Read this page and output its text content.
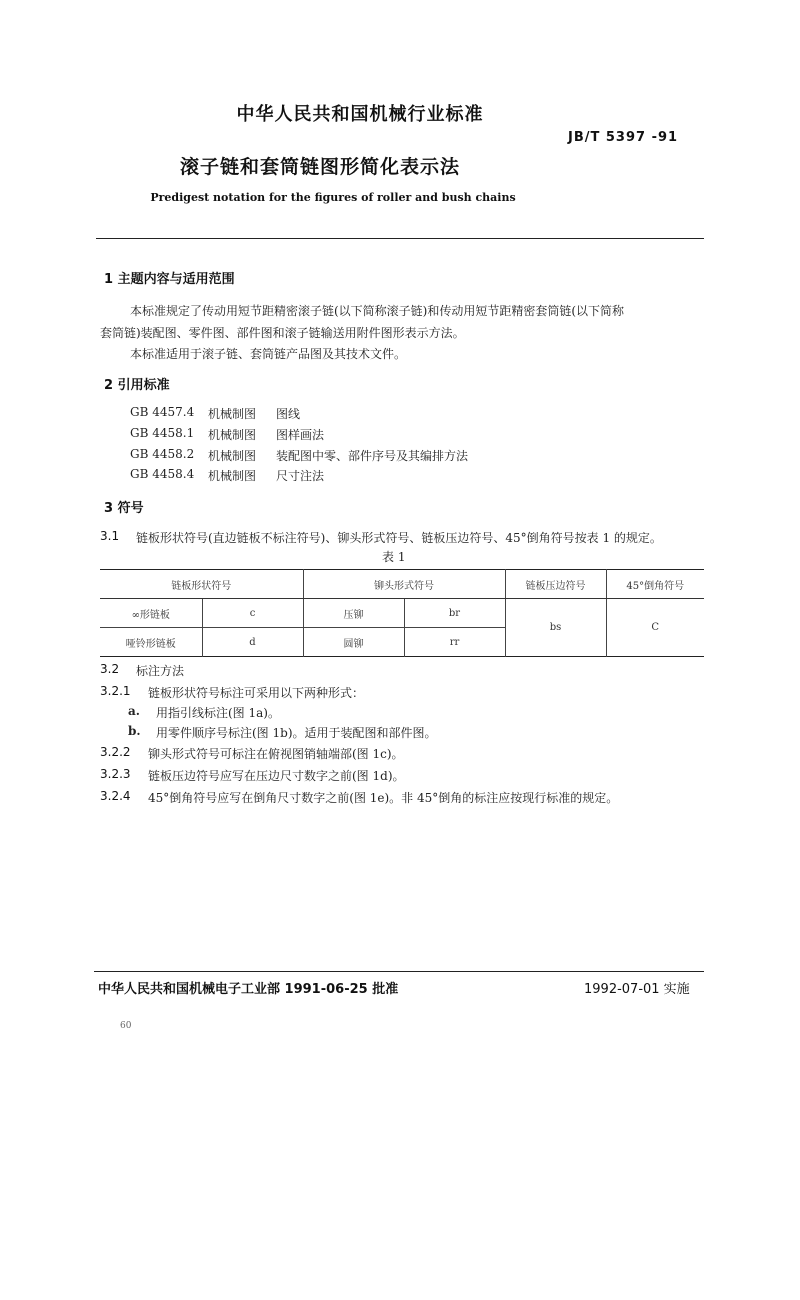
中华人民共和国机械行业标准
JB/T 5397 -91
滚子链和套筒链图形简化表示法
Predigest notation for the figures of roller and bush chains
1 主题内容与适用范围
本标准规定了传动用短节距精密滚子链(以下简称滚子链)和传动用短节距精密套筒链(以下简称
套筒链)装配图、零件图、部件图和滚子链输送用附件图形表示方法。
本标准适用于滚子链、套筒链产品图及其技术文件。
2 引用标准
GB 4457.4 机械制图 图线
GB 4458.1 机械制图 图样画法
GB 4458.2 机械制图 装配图中零、部件序号及其编排方法
GB 4458.4 机械制图 尺寸注法
3 符号
3.1 链板形状符号(直边链板不标注符号)、铆头形式符号、链板压边符号、45°倒角符号按表 1 的规定。
表 1
链板形状符号		铆头形式符号		链板压边符号	45°倒角符号
∞形链板	c	压铆	br	bs	C
哑铃形链板	d	圆铆	rr		
3.2 标注方法
3.2.1 链板形状符号标注可采用以下两种形式：
a. 用指引线标注(图 1a)。
b. 用零件顺序号标注(图 1b)。适用于装配图和部件图。
3.2.2 铆头形式符号可标注在俯视图销轴端部(图 1c)。
3.2.3 链板压边符号应写在压边尺寸数字之前(图 1d)。
3.2.4 45°倒角符号应写在倒角尺寸数字之前(图 1e)。非 45°倒角的标注应按现行标准的规定。
中华人民共和国机械电子工业部 1991-06-25 批准	1992-07-01 实施
60
